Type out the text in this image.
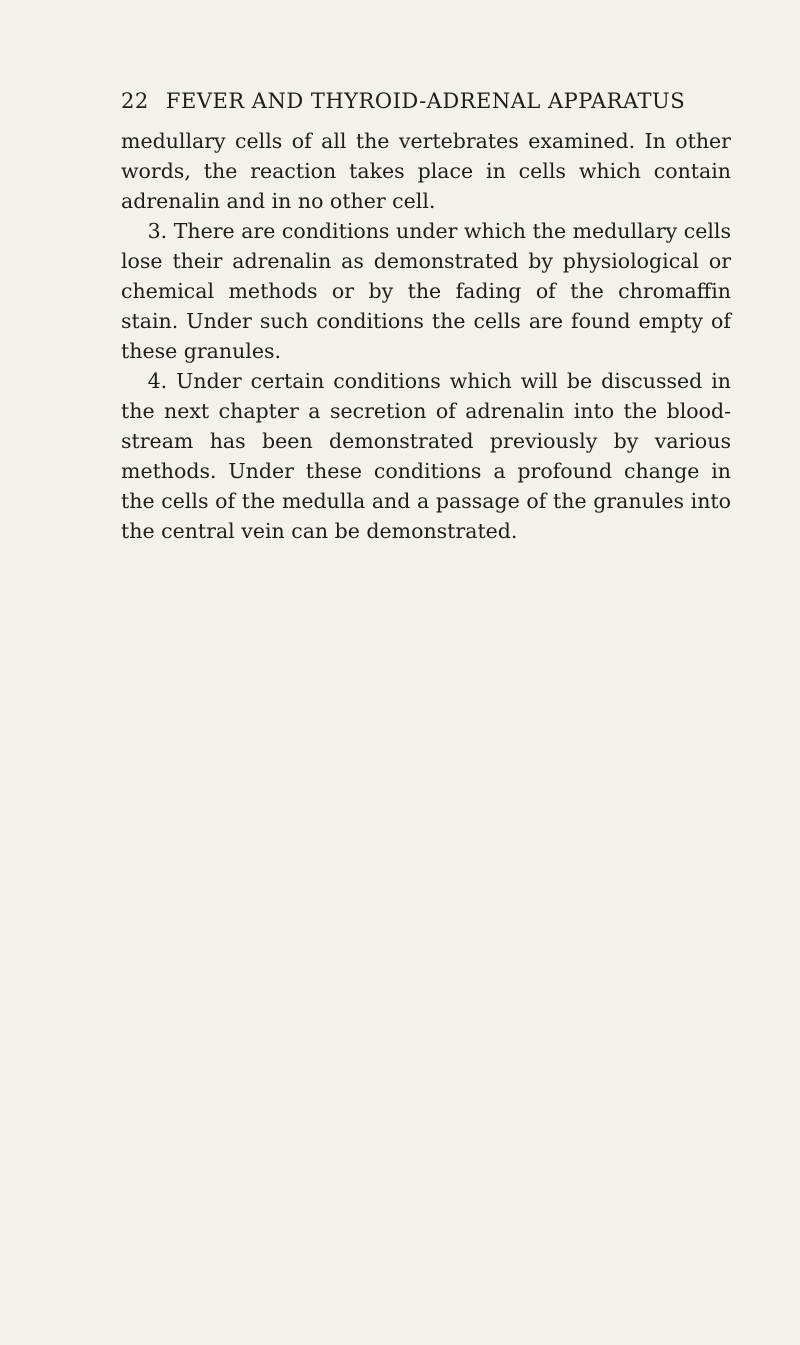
22 FEVER AND THYROID-ADRENAL APPARATUS

medullary cells of all the vertebrates examined. In other words, the reaction takes place in cells which contain adrenalin and in no other cell.

3. There are conditions under which the medullary cells lose their adrenalin as demonstrated by physiological or chemical methods or by the fading of the chromaffin stain. Under such conditions the cells are found empty of these granules.

4. Under certain conditions which will be discussed in the next chapter a secretion of adrenalin into the blood-stream has been demonstrated previously by various methods. Under these conditions a profound change in the cells of the medulla and a passage of the granules into the central vein can be demonstrated.
